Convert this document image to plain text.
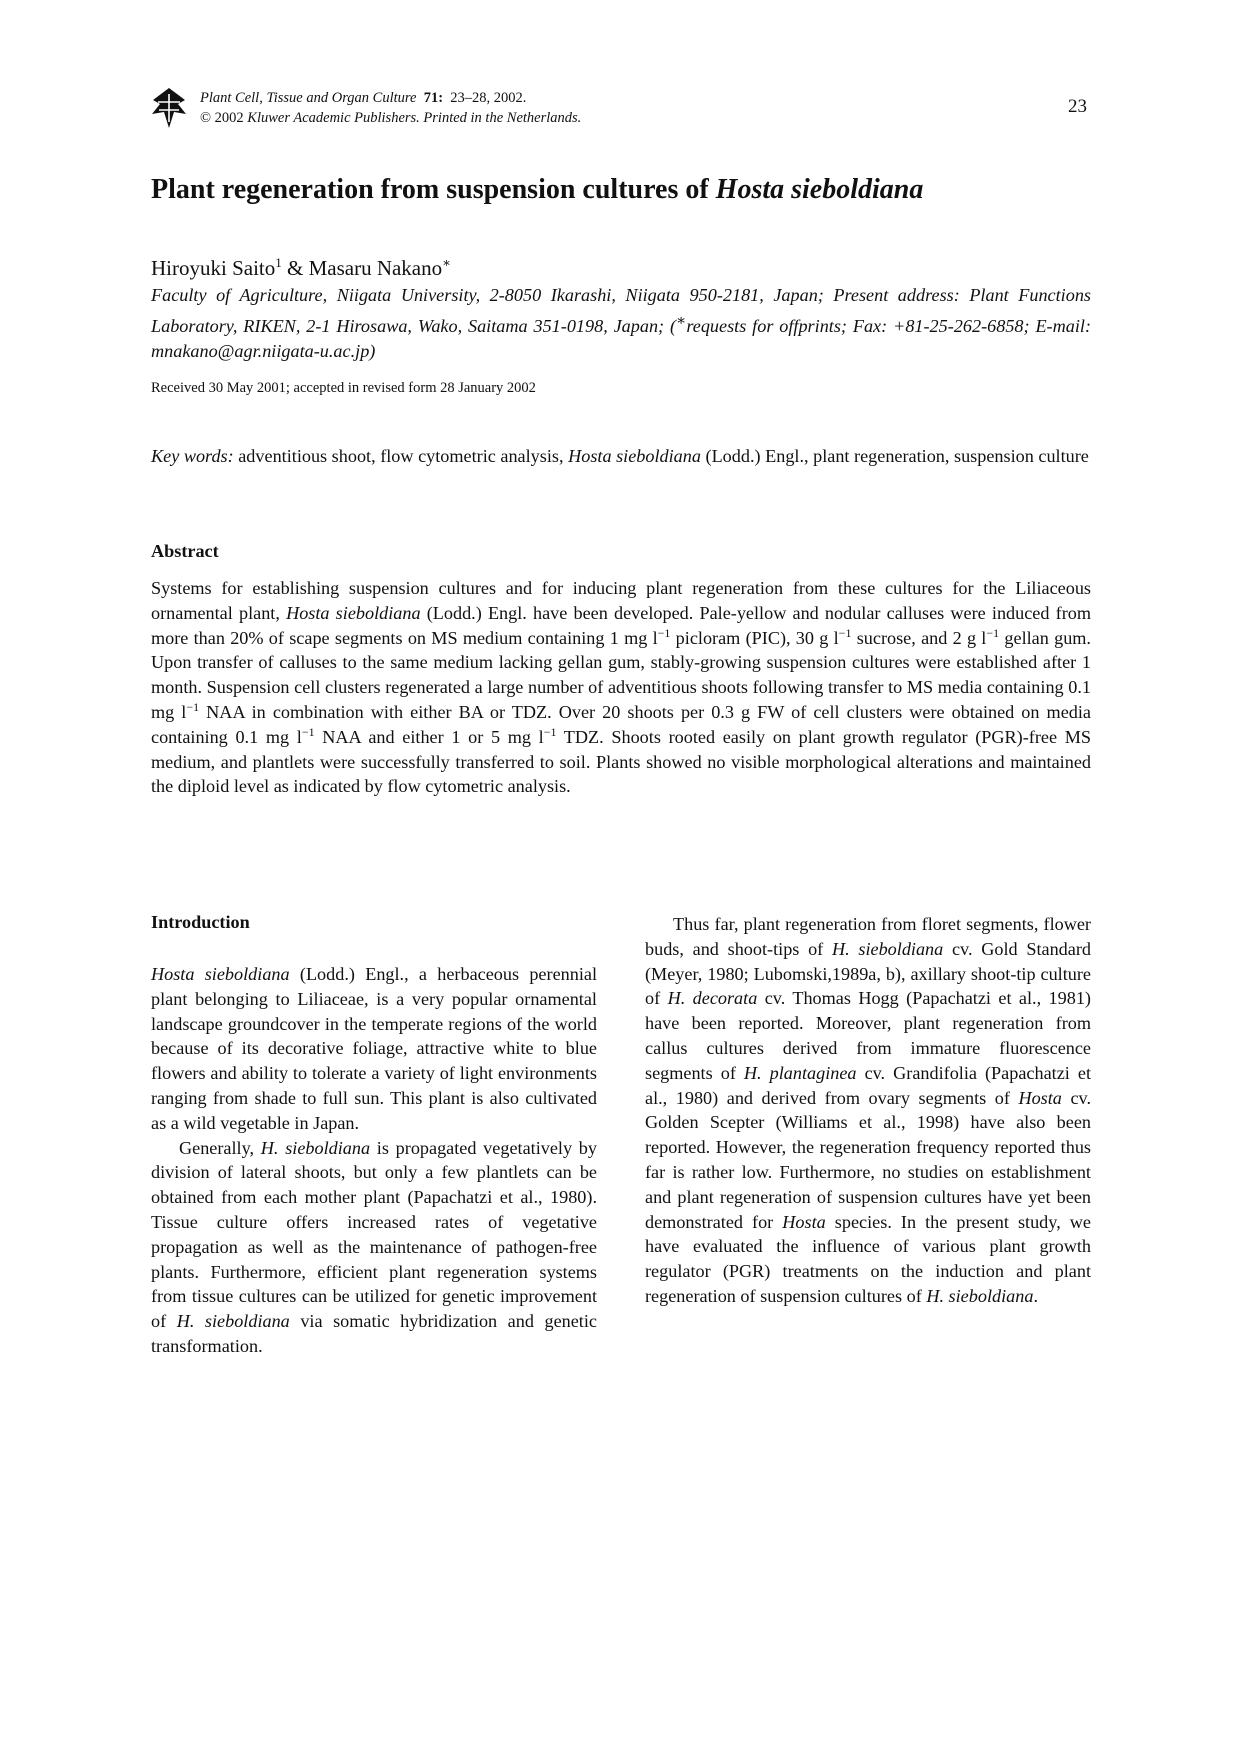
Plant Cell, Tissue and Organ Culture 71: 23–28, 2002.
© 2002 Kluwer Academic Publishers. Printed in the Netherlands.
23
Plant regeneration from suspension cultures of Hosta sieboldiana
Hiroyuki Saito$^1$ & Masaru Nakano∗
Faculty of Agriculture, Niigata University, 2-8050 Ikarashi, Niigata 950-2181, Japan; Present address: Plant Functions Laboratory, RIKEN, 2-1 Hirosawa, Wako, Saitama 351-0198, Japan; (∗requests for offprints; Fax: +81-25-262-6858; E-mail: mnakano@agr.niigata-u.ac.jp)
Received 30 May 2001; accepted in revised form 28 January 2002
Key words: adventitious shoot, flow cytometric analysis, Hosta sieboldiana (Lodd.) Engl., plant regeneration, suspension culture
Abstract

Systems for establishing suspension cultures and for inducing plant regeneration from these cultures for the Liliaceous ornamental plant, Hosta sieboldiana (Lodd.) Engl. have been developed. Pale-yellow and nodular calluses were induced from more than 20% of scape segments on MS medium containing 1 mg $l^{-1}$ picloram (PIC), 30 g $l^{-1}$ sucrose, and 2 g $l^{-1}$ gellan gum. Upon transfer of calluses to the same medium lacking gellan gum, stably-growing suspension cultures were established after 1 month. Suspension cell clusters regenerated a large number of adventitious shoots following transfer to MS media containing 0.1 mg $l^{-1}$ NAA in combination with either BA or TDZ. Over 20 shoots per 0.3 g FW of cell clusters were obtained on media containing 0.1 mg $l^{-1}$ NAA and either 1 or 5 mg $l^{-1}$ TDZ. Shoots rooted easily on plant growth regulator (PGR)-free MS medium, and plantlets were successfully transferred to soil. Plants showed no visible morphological alterations and maintained the diploid level as indicated by flow cytometric analysis.

Introduction

Hosta sieboldiana (Lodd.) Engl., a herbaceous perennial plant belonging to Liliaceae, is a very popular ornamental landscape groundcover in the temperate regions of the world because of its decorative foliage, attractive white to blue flowers and ability to tolerate a variety of light environments ranging from shade to full sun. This plant is also cultivated as a wild vegetable in Japan.

Generally, H. sieboldiana is propagated vegetatively by division of lateral shoots, but only a few plantlets can be obtained from each mother plant (Papachatzi et al., 1980). Tissue culture offers increased rates of vegetative propagation as well as the maintenance of pathogen-free plants. Furthermore, efficient plant regeneration systems from tissue cultures can be utilized for genetic improvement of H. sieboldiana via somatic hybridization and genetic transformation.

Thus far, plant regeneration from floret segments, flower buds, and shoot-tips of H. sieboldiana cv. Gold Standard (Meyer, 1980; Lubomski,1989a, b), axillary shoot-tip culture of H. decorata cv. Thomas Hogg (Papachatzi et al., 1981) have been reported. Moreover, plant regeneration from callus cultures derived from immature fluorescence segments of H. plantaginea cv. Grandifolia (Papachatzi et al., 1980) and derived from ovary segments of Hosta cv. Golden Scepter (Williams et al., 1998) have also been reported. However, the regeneration frequency reported thus far is rather low. Furthermore, no studies on establishment and plant regeneration of suspension cultures have yet been demonstrated for Hosta species. In the present study, we have evaluated the influence of various plant growth regulator (PGR) treatments on the induction and plant regeneration of suspension cultures of H. sieboldiana.
